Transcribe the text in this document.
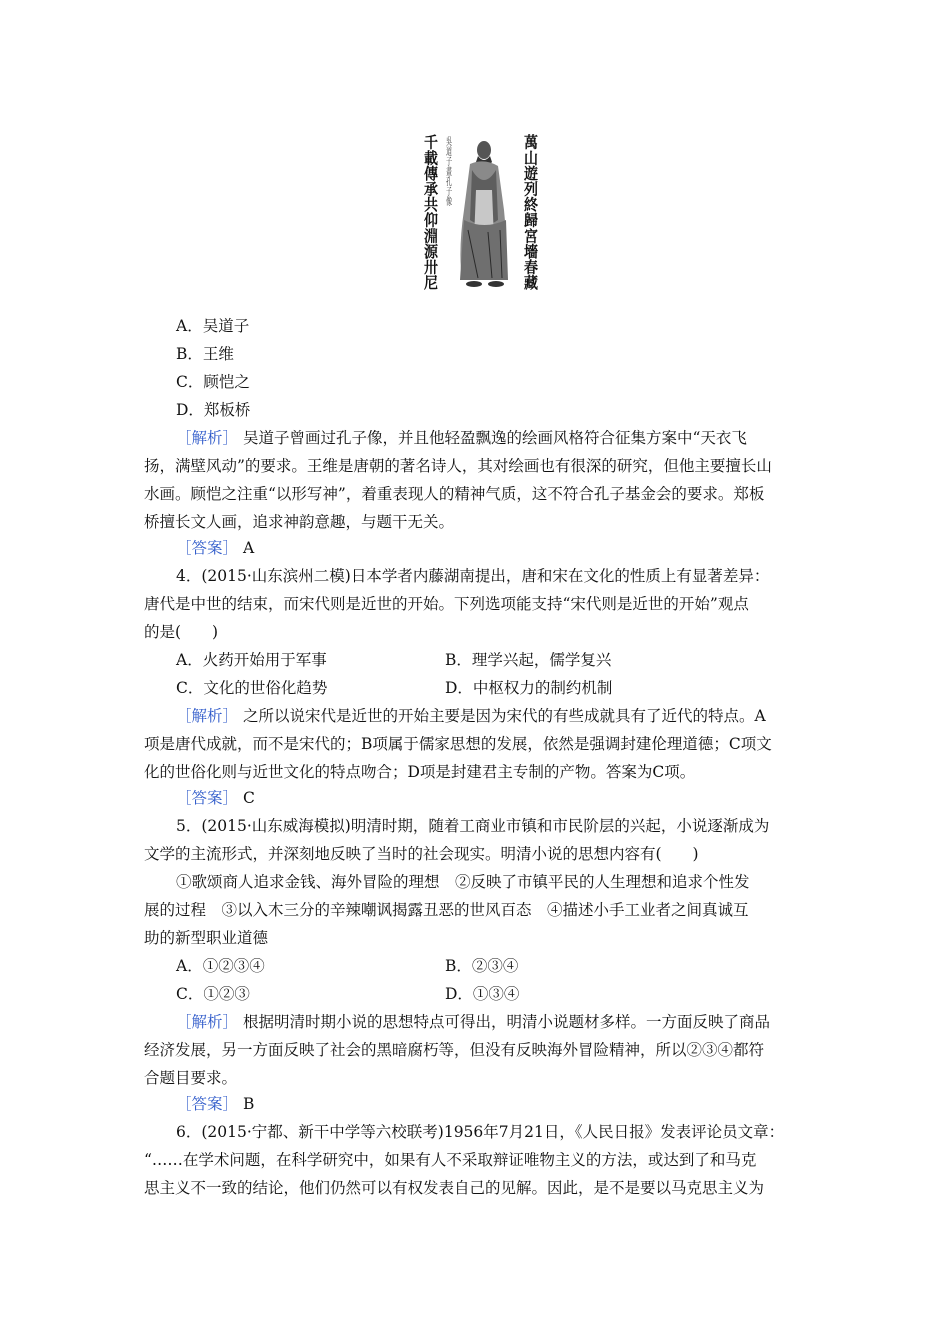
千載傳承共仰淵源卅尼 吳道子畫孔子像	萬山遊列終歸宮墻春藏
A．吴道子
B．王维
C．顾恺之
D．郑板桥
［解析］ 吴道子曾画过孔子像，并且他轻盈飘逸的绘画风格符合征集方案中“天衣飞
扬，满壁风动”的要求。王维是唐朝的著名诗人，其对绘画也有很深的研究，但他主要擅长山
水画。顾恺之注重“以形写神”，着重表现人的精神气质，这不符合孔子基金会的要求。郑板
桥擅长文人画，追求神韵意趣，与题干无关。
［答案］ A
4．(2015·山东滨州二模)日本学者内藤湖南提出，唐和宋在文化的性质上有显著差异：
唐代是中世的结束，而宋代则是近世的开始。下列选项能支持“宋代则是近世的开始”观点
的是(　　)
A．火药开始用于军事	B．理学兴起，儒学复兴
C．文化的世俗化趋势	D．中枢权力的制约机制
［解析］ 之所以说宋代是近世的开始主要是因为宋代的有些成就具有了近代的特点。A
项是唐代成就，而不是宋代的；B项属于儒家思想的发展，依然是强调封建伦理道德；C项文
化的世俗化则与近世文化的特点吻合；D项是封建君主专制的产物。答案为C项。
［答案］ C
5．(2015·山东威海模拟)明清时期，随着工商业市镇和市民阶层的兴起，小说逐渐成为
文学的主流形式，并深刻地反映了当时的社会现实。明清小说的思想内容有(　　)
①歌颂商人追求金钱、海外冒险的理想　②反映了市镇平民的人生理想和追求个性发
展的过程　③以入木三分的辛辣嘲讽揭露丑恶的世风百态　④描述小手工业者之间真诚互
助的新型职业道德
A．①②③④	B．②③④
C．①②③	D．①③④
［解析］ 根据明清时期小说的思想特点可得出，明清小说题材多样。一方面反映了商品
经济发展，另一方面反映了社会的黑暗腐朽等，但没有反映海外冒险精神，所以②③④都符
合题目要求。
［答案］ B
6．(2015·宁都、新干中学等六校联考)1956年7月21日，《人民日报》发表评论员文章：
“……在学术问题，在科学研究中，如果有人不采取辩证唯物主义的方法，或达到了和马克
思主义不一致的结论，他们仍然可以有权发表自己的见解。因此，是不是要以马克思主义为
